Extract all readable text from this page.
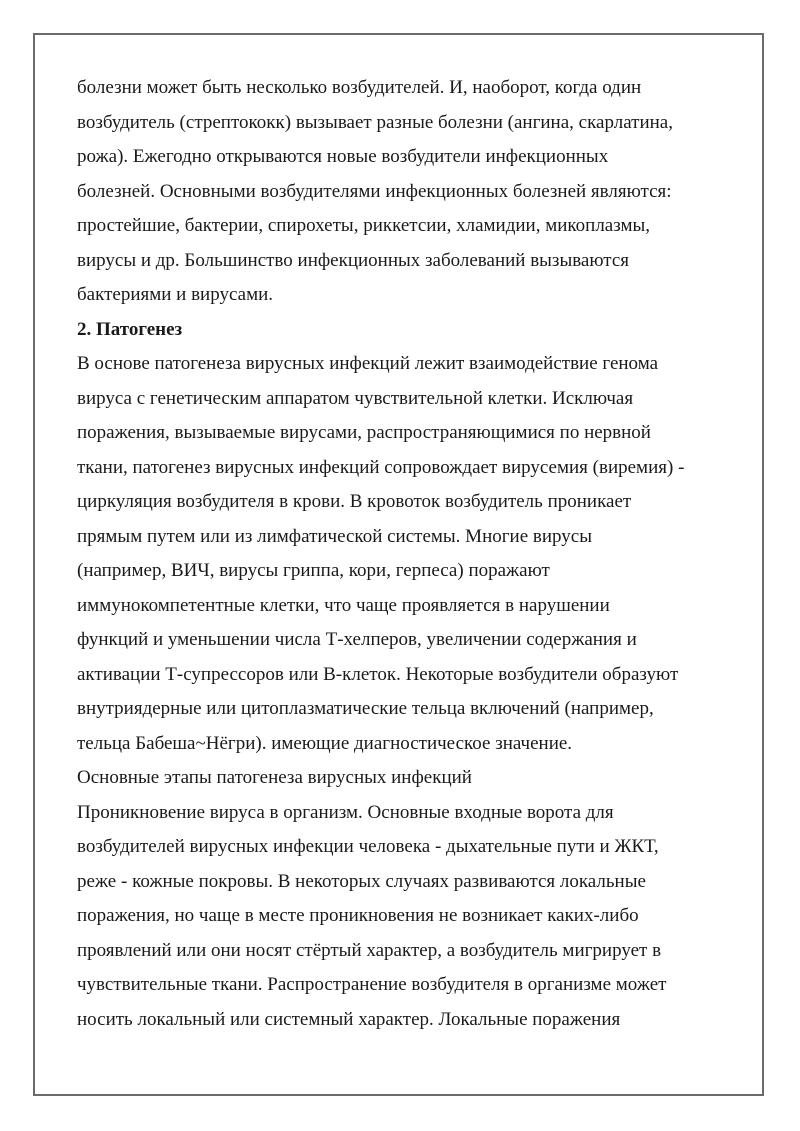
болезни может быть несколько возбудителей. И, наоборот, когда один
возбудитель (стрептококк) вызывает разные болезни (ангина, скарлатина,
рожа). Ежегодно открываются новые возбудители инфекционных
болезней. Основными возбудителями инфекционных болезней являются:
простейшие, бактерии, спирохеты, риккетсии, хламидии, микоплазмы,
вирусы и др. Большинство инфекционных заболеваний вызываются
бактериями и вирусами.
2. Патогенез
В основе патогенеза вирусных инфекций лежит взаимодействие генома
вируса с генетическим аппаратом чувствительной клетки. Исключая
поражения, вызываемые вирусами, распространяющимися по нервной
ткани, патогенез вирусных инфекций сопровождает вирусемия (виремия) -
циркуляция возбудителя в крови. В кровоток возбудитель проникает
прямым путем или из лимфатической системы. Многие вирусы
(например, ВИЧ, вирусы гриппа, кори, герпеса) поражают
иммунокомпетентные клетки, что чаще проявляется в нарушении
функций и уменьшении числа Т-хелперов, увеличении содержания и
активации Т-супрессоров или В-клеток. Некоторые возбудители образуют
внутриядерные или цитоплазматические тельца включений (например,
тельца Бабеша~Нёгри). имеющие диагностическое значение.
Основные этапы патогенеза вирусных инфекций
Проникновение вируса в организм. Основные входные ворота для
возбудителей вирусных инфекции человека - дыхательные пути и ЖКТ,
реже - кожные покровы. В некоторых случаях развиваются локальные
поражения, но чаще в месте проникновения не возникает каких-либо
проявлений или они носят стёртый характер, а возбудитель мигрирует в
чувствительные ткани. Распространение возбудителя в организме может
носить локальный или системный характер. Локальные поражения
